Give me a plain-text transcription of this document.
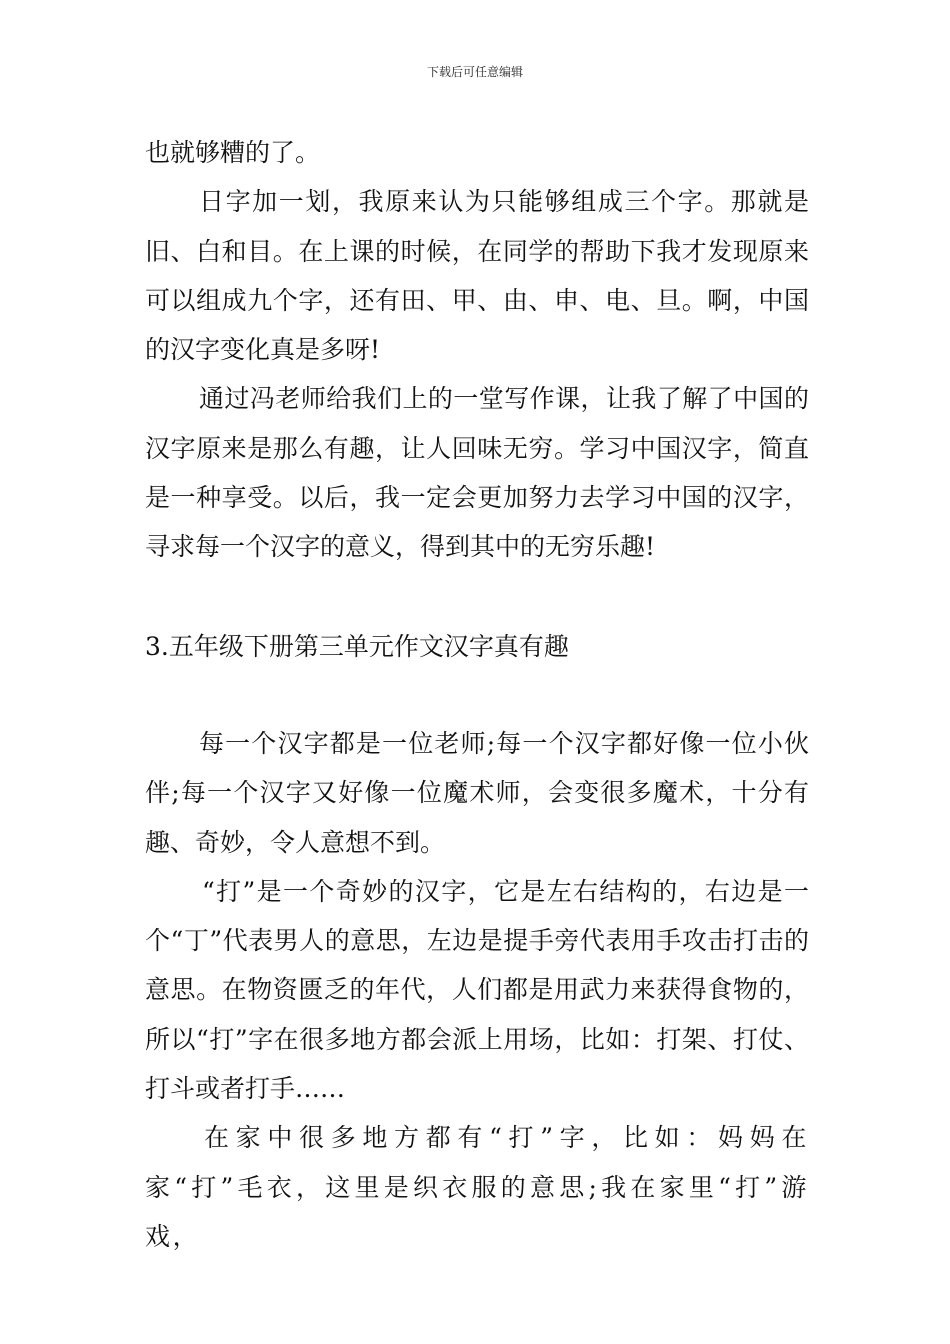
下载后可任意编辑

也就够糟的了。

日字加一划，我原来认为只能够组成三个字。那就是旧、白和目。在上课的时候，在同学的帮助下我才发现原来可以组成九个字，还有田、甲、由、申、电、旦。啊，中国的汉字变化真是多呀!

通过冯老师给我们上的一堂写作课，让我了解了中国的汉字原来是那么有趣，让人回味无穷。学习中国汉字，简直是一种享受。以后，我一定会更加努力去学习中国的汉字，寻求每一个汉字的意义，得到其中的无穷乐趣!

3.五年级下册第三单元作文汉字真有趣

每一个汉字都是一位老师;每一个汉字都好像一位小伙伴;每一个汉字又好像一位魔术师，会变很多魔术，十分有趣、奇妙，令人意想不到。

“打”是一个奇妙的汉字，它是左右结构的，右边是一个“丁”代表男人的意思，左边是提手旁代表用手攻击打击的意思。在物资匮乏的年代，人们都是用武力来获得食物的，所以“打”字在很多地方都会派上用场，比如：打架、打仗、打斗或者打手……

在家中很多地方都有“打”字，比如：妈妈在家“打”毛衣，这里是织衣服的意思;我在家里“打”游戏，
